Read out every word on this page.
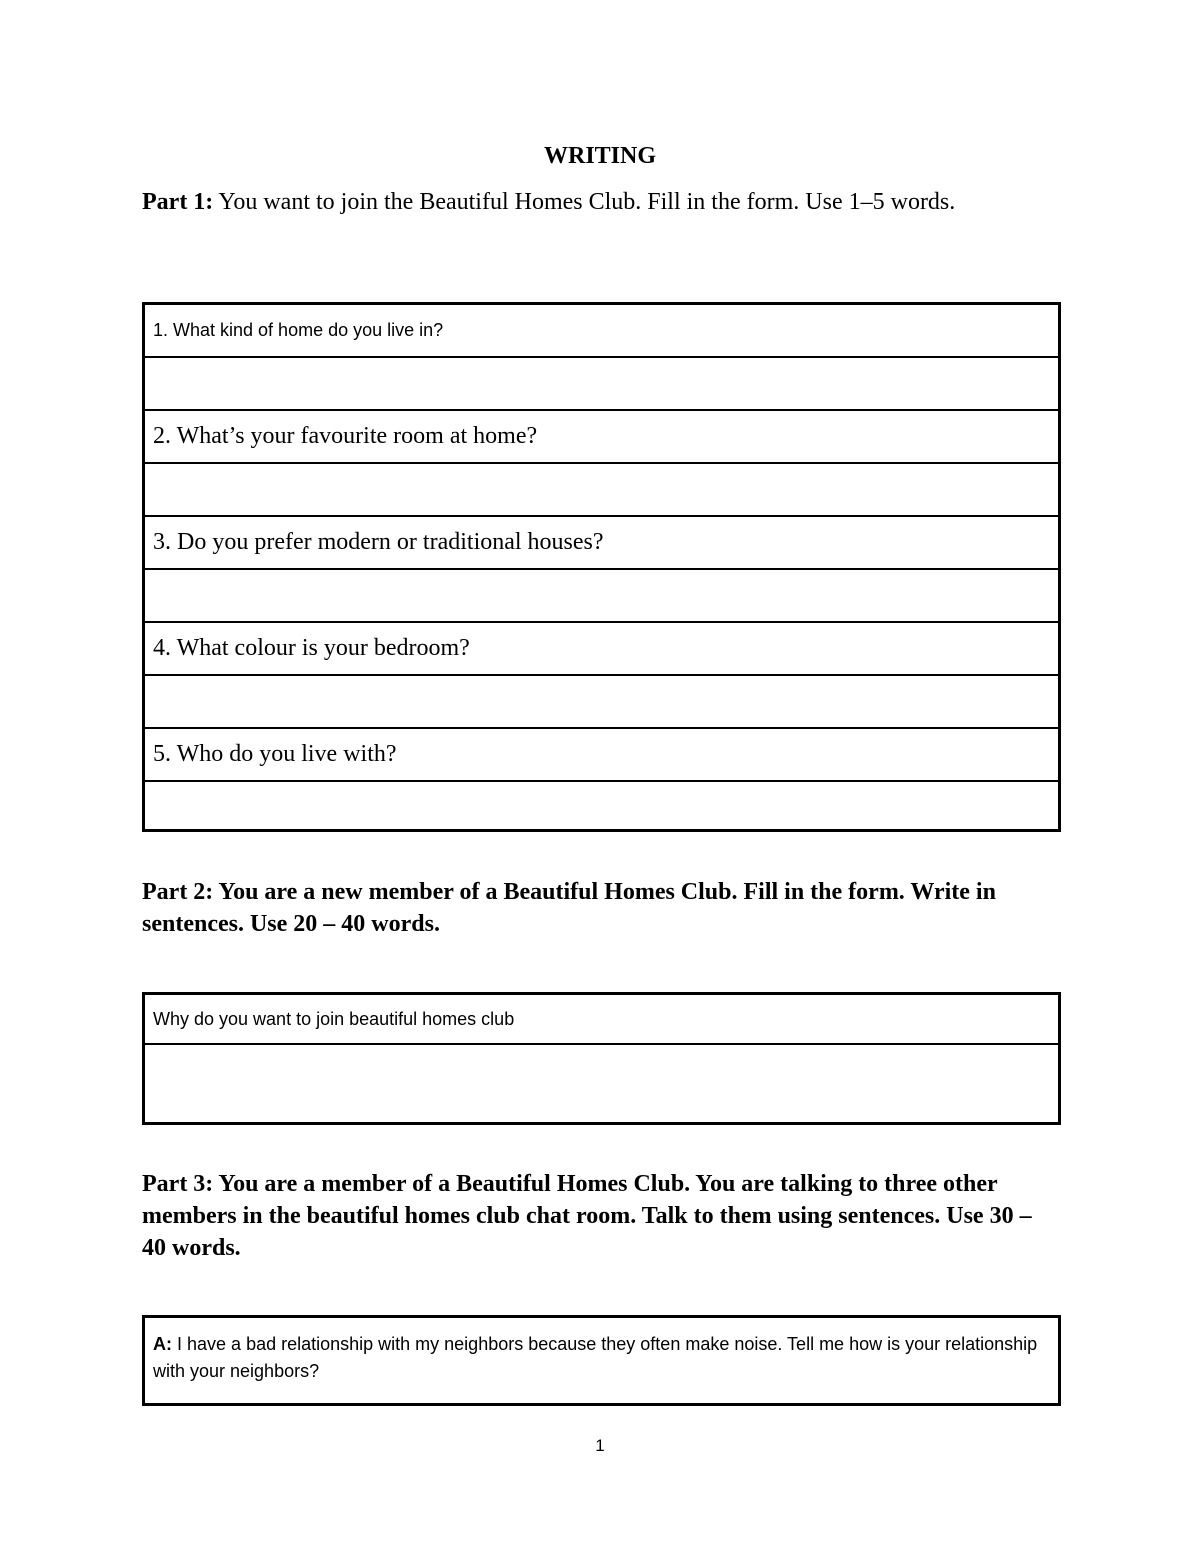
WRITING
Part 1: You want to join the Beautiful Homes Club. Fill in the form. Use 1–5 words.
1. What kind of home do you live in?
2. What’s your favourite room at home?
3. Do you prefer modern or traditional houses?
4. What colour is your bedroom?
5. Who do you live with?
Part 2: You are a new member of a Beautiful Homes Club. Fill in the form. Write in sentences. Use 20 – 40 words.
Why do you want to join beautiful homes club
Part 3: You are a member of a Beautiful Homes Club. You are talking to three other members in the beautiful homes club chat room. Talk to them using sentences. Use 30 – 40 words.
A: I have a bad relationship with my neighbors because they often make noise. Tell me how is your relationship with your neighbors?
1
